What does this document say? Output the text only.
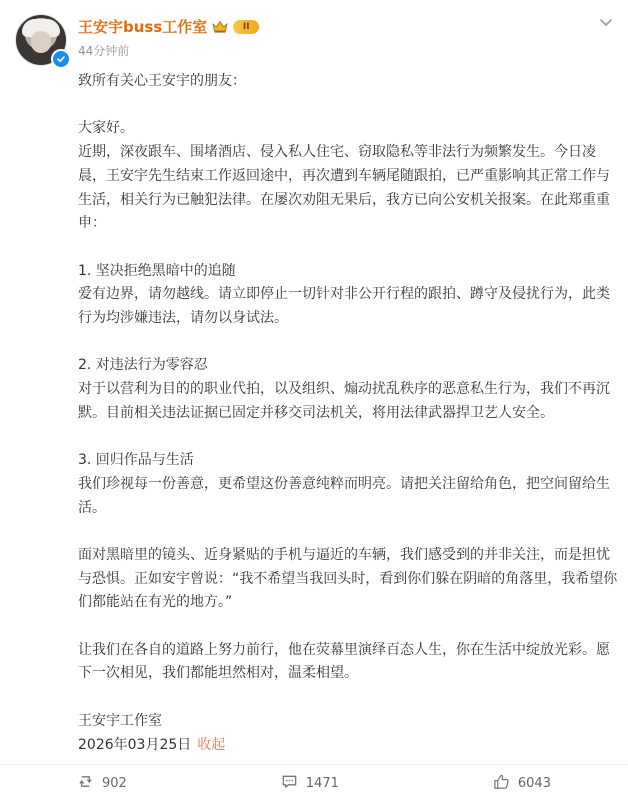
王安宇buss工作室	II
44分钟前

致所有关心王安宇的朋友：

大家好。

近期，深夜跟车、围堵酒店、侵入私人住宅、窃取隐私等非法行为频繁发生。今日凌晨，王安宇先生结束工作返回途中，再次遭到车辆尾随跟拍，已严重影响其正常工作与生活，相关行为已触犯法律。在屡次劝阻无果后，我方已向公安机关报案。在此郑重重申：

1. 坚决拒绝黑暗中的追随

爱有边界，请勿越线。请立即停止一切针对非公开行程的跟拍、蹲守及侵扰行为，此类行为均涉嫌违法，请勿以身试法。

2. 对违法行为零容忍

对于以营利为目的的职业代拍，以及组织、煽动扰乱秩序的恶意私生行为，我们不再沉默。目前相关违法证据已固定并移交司法机关，将用法律武器捍卫艺人安全。

3. 回归作品与生活

我们珍视每一份善意，更希望这份善意纯粹而明亮。请把关注留给角色，把空间留给生活。

面对黑暗里的镜头、近身紧贴的手机与逼近的车辆，我们感受到的并非关注，而是担忧与恐惧。正如安宇曾说：“我不希望当我回头时，看到你们躲在阴暗的角落里，我希望你们都能站在有光的地方。”

让我们在各自的道路上努力前行，他在荧幕里演绎百态人生，你在生活中绽放光彩。愿下一次相见，我们都能坦然相对，温柔相望。

王安宇工作室

2026年03月25日 收起

902	1471	6043
